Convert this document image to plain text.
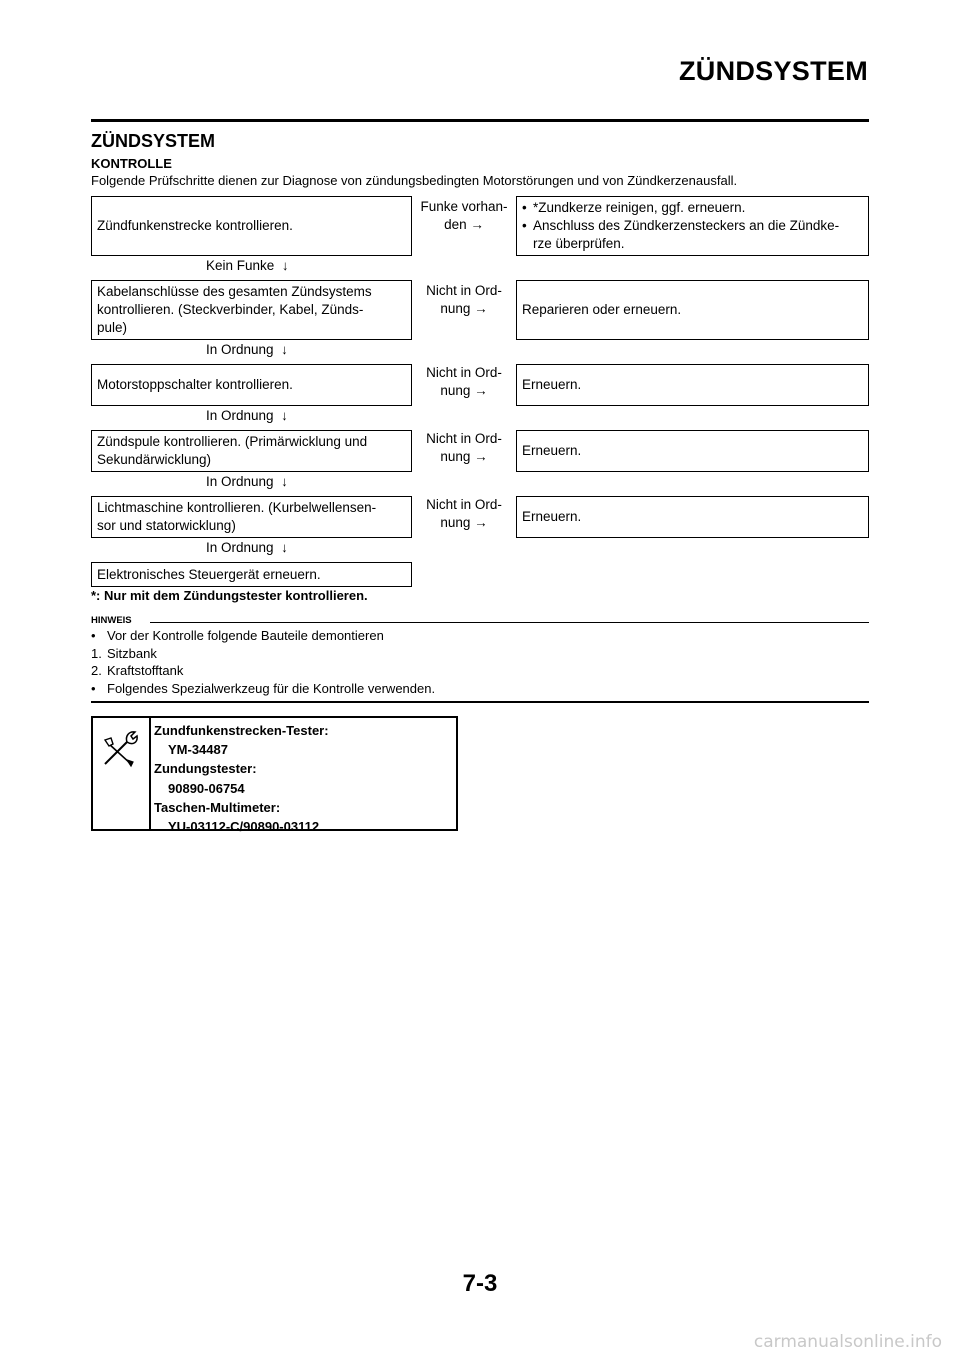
ZÜNDSYSTEM
ZÜNDSYSTEM
KONTROLLE
Folgende Prüfschritte dienen zur Diagnose von zündungsbedingten Motorstörungen und von Zündkerzenausfall.
Zündfunkenstrecke kontrollieren.
Funke vorhan-
den →
• *Zundkerze reinigen, ggf. erneuern.
• Anschluss des Zündkerzensteckers an die Zündke-
rze überprüfen.
Kein Funke ↓
Kabelanschlüsse des gesamten Zündsystems
kontrollieren. (Steckverbinder, Kabel, Zünds-
pule)
Nicht in Ord-
nung →	Reparieren oder erneuern.
In Ordnung ↓
Motorstoppschalter kontrollieren.
Nicht in Ord-
nung →	Erneuern.
In Ordnung ↓
Zündspule kontrollieren. (Primärwicklung und
Sekundärwicklung)
Nicht in Ord-
nung →	Erneuern.
In Ordnung ↓
Lichtmaschine kontrollieren. (Kurbelwellensen-
sor und statorwicklung)
Nicht in Ord-
nung →	Erneuern.
In Ordnung ↓
Elektronisches Steuergerät erneuern.
*: Nur mit dem Zündungstester kontrollieren.
HINWEIS
• Vor der Kontrolle folgende Bauteile demontieren
1. Sitzbank
2. Kraftstofftank
• Folgendes Spezialwerkzeug für die Kontrolle verwenden.
Zundfunkenstrecken-Tester:
YM-34487
Zundungstester:
90890-06754
Taschen-Multimeter:
YU-03112-C/90890-03112
7-3
carmanualsonline.info
